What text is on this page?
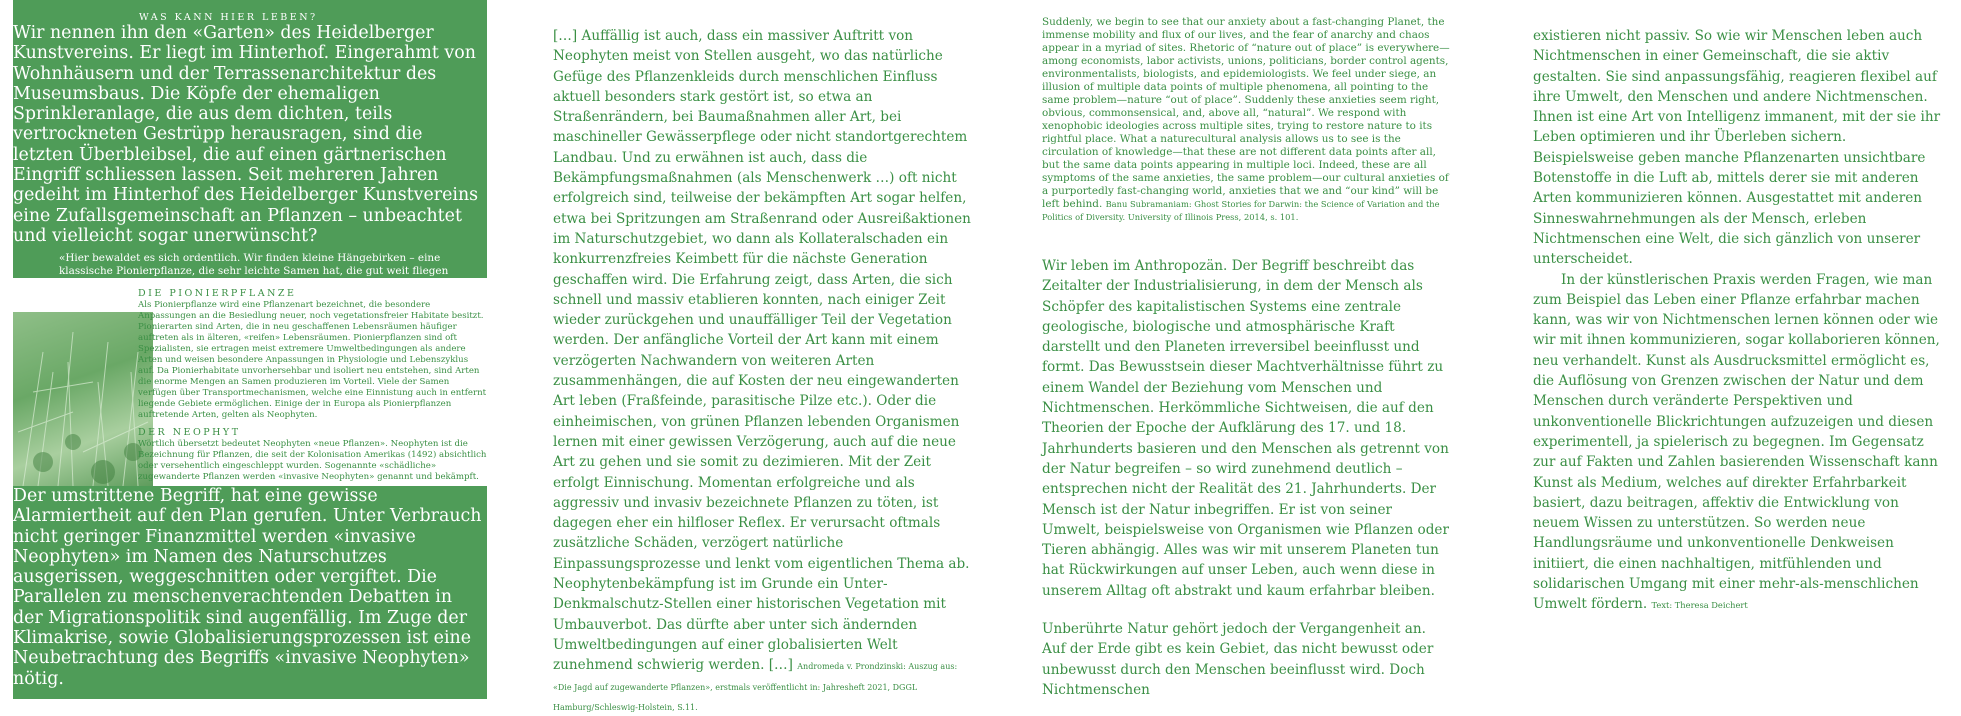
WAS KANN HIER LEBEN?

Wir nennen ihn den «Garten» des Heidelberger Kunstvereins. Er liegt im Hinterhof. Eingerahmt von Wohnhäusern und der Terrassenarchitektur des Museumsbaus. Die Köpfe der ehemaligen Sprinkleranlage, die aus dem dichten, teils vertrockneten Gestrüpp herausragen, sind die letzten Überbleibsel, die auf einen gärtnerischen Eingriff schliessen lassen. Seit mehreren Jahren gedeiht im Hinterhof des Heidelberger Kunstvereins eine Zufallsgemeinschaft an Pflanzen – unbeachtet und vielleicht sogar unerwünscht?

«Hier bewaldet es sich ordentlich. Wir finden kleine Hängebirken – eine klassische Pionierpflanze, die sehr leichte Samen hat, die gut weit fliegen können. Von den Samen werden so viele produziert, dass aus einigen dann doch noch etwas wird.»

DIE PIONIERPFLANZE
Als Pionierpflanze wird eine Pflanzenart bezeichnet, die besondere Anpassungen an die Besiedlung neuer, noch vegetationsfreier Habitate besitzt. Pionierarten sind Arten, die in neu geschaffenen Lebensräumen häufiger auftreten als in älteren, «reifen» Lebensräumen. Pionierpflanzen sind oft Spezialisten, sie ertragen meist extremere Umweltbedingungen als andere Arten und weisen besondere Anpassungen in Physiologie und Lebenszyklus auf. Da Pionierhabitate unvorhersehbar und isoliert neu entstehen, sind Arten die enorme Mengen an Samen produzieren im Vorteil. Viele der Samen verfügen über Transportmechanismen, welche eine Einnistung auch in entfernt liegende Gebiete ermöglichen. Einige der in Europa als Pionierpflanzen auftretende Arten, gelten als Neophyten.
DER NEOPHYT
Wörtlich übersetzt bedeutet Neophyten «neue Pflanzen». Neophyten ist die Bezeichnung für Pflanzen, die seit der Kolonisation Amerikas (1492) absichtlich oder versehentlich eingeschleppt wurden. Sogenannte «schädliche» zugewanderte Pflanzen werden «invasive Neophyten» genannt und bekämpft.

Der umstrittene Begriff, hat eine gewisse Alarmiertheit auf den Plan gerufen. Unter Verbrauch nicht geringer Finanzmittel werden «invasive Neophyten» im Namen des Naturschutzes ausgerissen, weggeschnitten oder vergiftet. Die Parallelen zu menschenverachtenden Debatten in der Migrationspolitik sind augenfällig. Im Zuge der Klimakrise, sowie Globalisierungsprozessen ist eine Neubetrachtung des Begriffs «invasive Neophyten» nötig.

[…] Auffällig ist auch, dass ein massiver Auftritt von Neophyten meist von Stellen ausgeht, wo das natürliche Gefüge des Pflanzenkleids durch menschlichen Einfluss aktuell besonders stark gestört ist, so etwa an Straßenrändern, bei Baumaßnahmen aller Art, bei maschineller Gewässerpflege oder nicht standortgerechtem Landbau. Und zu erwähnen ist auch, dass die Bekämpfungsmaßnahmen (als Menschenwerk …) oft nicht erfolgreich sind, teilweise der bekämpften Art sogar helfen, etwa bei Spritzungen am Straßenrand oder Ausreißaktionen im Naturschutzgebiet, wo dann als Kollateralschaden ein konkurrenzfreies Keimbett für die nächste Generation geschaffen wird. Die Erfahrung zeigt, dass Arten, die sich schnell und massiv etablieren konnten, nach einiger Zeit wieder zurückgehen und unauffälliger Teil der Vegetation werden. Der anfängliche Vorteil der Art kann mit einem verzögerten Nachwandern von weiteren Arten zusammenhängen, die auf Kosten der neu eingewanderten Art leben (Fraßfeinde, parasitische Pilze etc.). Oder die einheimischen, von grünen Pflanzen lebenden Organismen lernen mit einer gewissen Verzögerung, auch auf die neue Art zu gehen und sie somit zu dezimieren. Mit der Zeit erfolgt Einnischung. Momentan erfolgreiche und als aggressiv und invasiv bezeichnete Pflanzen zu töten, ist dagegen eher ein hilfloser Reflex. Er verursacht oftmals zusätzliche Schäden, verzögert natürliche Einpassungsprozesse und lenkt vom eigentlichen Thema ab. Neophytenbekämpfung ist im Grunde ein Unter-Denkmalschutz-Stellen einer historischen Vegetation mit Umbauverbot. Das dürfte aber unter sich ändernden Umweltbedingungen auf einer globalisierten Welt zunehmend schwierig werden. […] Andromeda v. Prondzinski: Auszug aus: «Die Jagd auf zugewanderte Pflanzen», erstmals veröffentlicht in: Jahresheft 2021, DGGL Hamburg/Schleswig-Holstein, S.11.

Suddenly, we begin to see that our anxiety about a fast-changing Planet, the immense mobility and flux of our lives, and the fear of anarchy and chaos appear in a myriad of sites. Rhetoric of “nature out of place” is everywhere—among economists, labor activists, unions, politicians, border control agents, environmentalists, biologists, and epidemiologists. We feel under siege, an illusion of multiple data points of multiple phenomena, all pointing to the same problem—nature “out of place”. Suddenly these anxieties seem right, obvious, commonsensical, and, above all, “natural”. We respond with xenophobic ideologies across multiple sites, trying to restore nature to its rightful place. What a naturecultural analysis allows us to see is the circulation of knowledge—that these are not different data points after all, but the same data points appearing in multiple loci. Indeed, these are all symptoms of the same anxieties, the same problem—our cultural anxieties of a purportedly fast-changing world, anxieties that we and “our kind” will be left behind. Banu Subramaniam: Ghost Stories for Darwin: the Science of Variation and the Politics of Diversity. University of Illinois Press, 2014, s. 101.

Wir leben im Anthropozän. Der Begriff beschreibt das Zeitalter der Industrialisierung, in dem der Mensch als Schöpfer des kapitalistischen Systems eine zentrale geologische, biologische und atmosphärische Kraft darstellt und den Planeten irreversibel beeinflusst und formt. Das Bewusstsein dieser Machtverhältnisse führt zu einem Wandel der Beziehung vom Menschen und Nichtmenschen. Herkömmliche Sichtweisen, die auf den Theorien der Epoche der Aufklärung des 17. und 18. Jahrhunderts basieren und den Menschen als getrennt von der Natur begreifen – so wird zunehmend deutlich – entsprechen nicht der Realität des 21. Jahrhunderts. Der Mensch ist der Natur inbegriffen. Er ist von seiner Umwelt, beispielsweise von Organismen wie Pflanzen oder Tieren abhängig. Alles was wir mit unserem Planeten tun hat Rückwirkungen auf unser Leben, auch wenn diese in unserem Alltag oft abstrakt und kaum erfahrbar bleiben.

Unberührte Natur gehört jedoch der Vergangenheit an. Auf der Erde gibt es kein Gebiet, das nicht bewusst oder unbewusst durch den Menschen beeinflusst wird. Doch Nichtmenschen

existieren nicht passiv. So wie wir Menschen leben auch Nichtmenschen in einer Gemeinschaft, die sie aktiv gestalten. Sie sind anpassungsfähig, reagieren flexibel auf ihre Umwelt, den Menschen und andere Nichtmenschen. Ihnen ist eine Art von Intelligenz immanent, mit der sie ihr Leben optimieren und ihr Überleben sichern. Beispielsweise geben manche Pflanzenarten unsichtbare Botenstoffe in die Luft ab, mittels derer sie mit anderen Arten kommunizieren können. Ausgestattet mit anderen Sinneswahrnehmungen als der Mensch, erleben Nichtmenschen eine Welt, die sich gänzlich von unserer unterscheidet.

In der künstlerischen Praxis werden Fragen, wie man zum Beispiel das Leben einer Pflanze erfahrbar machen kann, was wir von Nichtmenschen lernen können oder wie wir mit ihnen kommunizieren, sogar kollaborieren können, neu verhandelt. Kunst als Ausdrucksmittel ermöglicht es, die Auflösung von Grenzen zwischen der Natur und dem Menschen durch veränderte Perspektiven und unkonventionelle Blickrichtungen aufzuzeigen und diesen experimentell, ja spielerisch zu begegnen. Im Gegensatz zur auf Fakten und Zahlen basierenden Wissenschaft kann Kunst als Medium, welches auf direkter Erfahrbarkeit basiert, dazu beitragen, affektiv die Entwicklung von neuem Wissen zu unterstützen. So werden neue Handlungsräume und unkonventionelle Denkweisen initiiert, die einen nachhaltigen, mitfühlenden und solidarischen Umgang mit einer mehr-als-menschlichen Umwelt fördern. Text: Theresa Deichert
